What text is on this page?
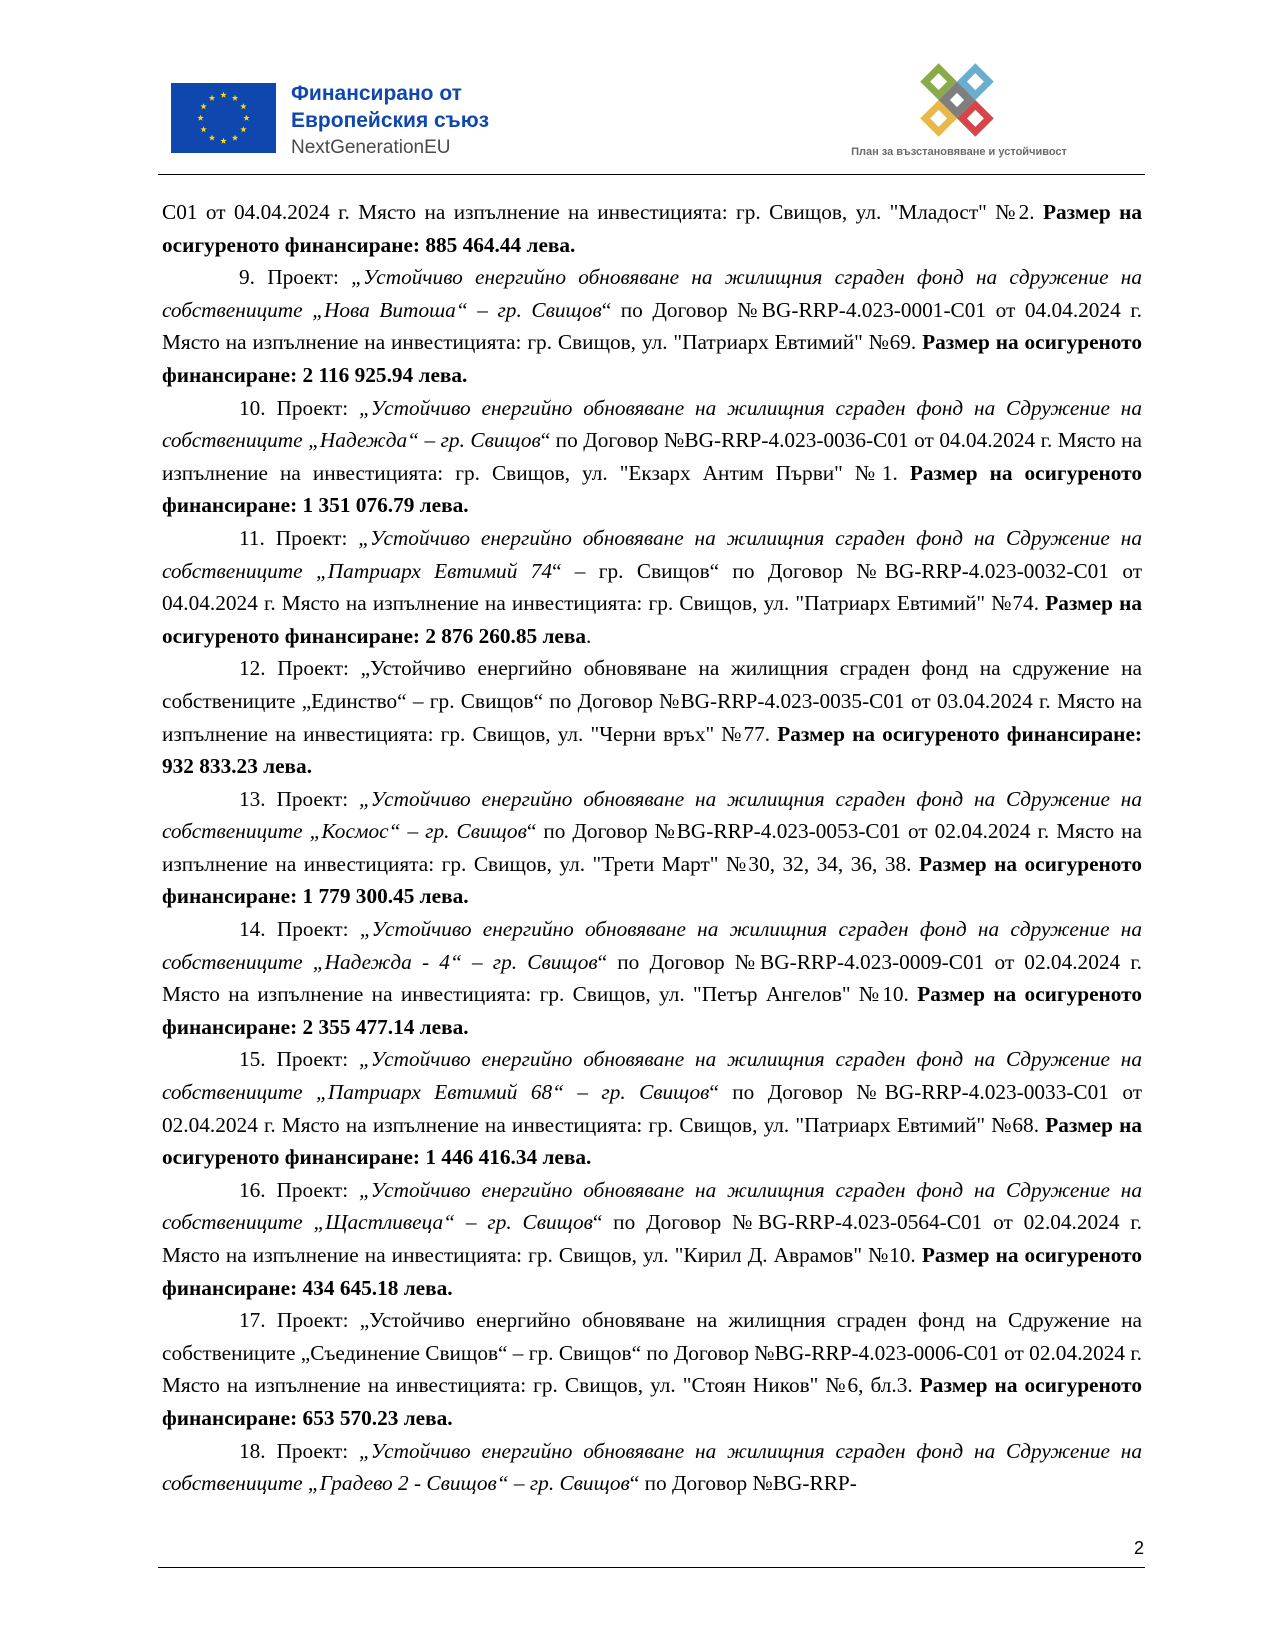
Финансирано от
Европейския съюз
NextGenerationEU	План за възстановяване и устойчивост

С01 от 04.04.2024 г. Място на изпълнение на инвестицията: гр. Свищов, ул. "Младост" №2. Размер на осигуреното финансиране: 885 464.44 лева.

9. Проект: „Устойчиво енергийно обновяване на жилищния сграден фонд на сдружение на собствениците „Нова Витоша“ – гр. Свищов“ по Договор №BG-RRP-4.023-0001-C01 от 04.04.2024 г. Място на изпълнение на инвестицията: гр. Свищов, ул. "Патриарх Евтимий" №69. Размер на осигуреното финансиране: 2 116 925.94 лева.

10. Проект: „Устойчиво енергийно обновяване на жилищния сграден фонд на Сдружение на собствениците „Надежда“ – гр. Свищов“ по Договор №BG-RRP-4.023-0036-C01 от 04.04.2024 г. Място на изпълнение на инвестицията: гр. Свищов, ул. "Екзарх Антим Първи" №1. Размер на осигуреното финансиране: 1 351 076.79 лева.

11. Проект: „Устойчиво енергийно обновяване на жилищния сграден фонд на Сдружение на собствениците „Патриарх Евтимий 74“ – гр. Свищов“ по Договор №BG-RRP-4.023-0032-C01 от 04.04.2024 г. Място на изпълнение на инвестицията: гр. Свищов, ул. "Патриарх Евтимий" №74. Размер на осигуреното финансиране: 2 876 260.85 лева.

12. Проект: „Устойчиво енергийно обновяване на жилищния сграден фонд на сдружение на собствениците „Единство“ – гр. Свищов“ по Договор №BG-RRP-4.023-0035-C01 от 03.04.2024 г. Място на изпълнение на инвестицията: гр. Свищов, ул. "Черни връх" №77. Размер на осигуреното финансиране: 932 833.23 лева.

13. Проект: „Устойчиво енергийно обновяване на жилищния сграден фонд на Сдружение на собствениците „Космос“ – гр. Свищов“ по Договор №BG-RRP-4.023-0053-C01 от 02.04.2024 г. Място на изпълнение на инвестицията: гр. Свищов, ул. "Трети Март" №30, 32, 34, 36, 38. Размер на осигуреното финансиране: 1 779 300.45 лева.

14. Проект: „Устойчиво енергийно обновяване на жилищния сграден фонд на сдружение на собствениците „Надежда - 4“ – гр. Свищов“ по Договор №BG-RRP-4.023-0009-C01 от 02.04.2024 г. Място на изпълнение на инвестицията: гр. Свищов, ул. "Петър Ангелов" №10. Размер на осигуреното финансиране: 2 355 477.14 лева.

15. Проект: „Устойчиво енергийно обновяване на жилищния сграден фонд на Сдружение на собствениците „Патриарх Евтимий 68“ – гр. Свищов“ по Договор №BG-RRP-4.023-0033-C01 от 02.04.2024 г. Място на изпълнение на инвестицията: гр. Свищов, ул. "Патриарх Евтимий" №68. Размер на осигуреното финансиране: 1 446 416.34 лева.

16. Проект: „Устойчиво енергийно обновяване на жилищния сграден фонд на Сдружение на собствениците „Щастливеца“ – гр. Свищов“ по Договор №BG-RRP-4.023-0564-C01 от 02.04.2024 г. Място на изпълнение на инвестицията: гр. Свищов, ул. "Кирил Д. Аврамов" №10. Размер на осигуреното финансиране: 434 645.18 лева.

17. Проект: „Устойчиво енергийно обновяване на жилищния сграден фонд на Сдружение на собствениците „Съединение Свищов“ – гр. Свищов“ по Договор №BG-RRP-4.023-0006-C01 от 02.04.2024 г. Място на изпълнение на инвестицията: гр. Свищов, ул. "Стоян Ников" №6, бл.3. Размер на осигуреното финансиране: 653 570.23 лева.

18. Проект: „Устойчиво енергийно обновяване на жилищния сграден фонд на Сдружение на собствениците „Градево 2 - Свищов“ – гр. Свищов“ по Договор №BG-RRP-

2
